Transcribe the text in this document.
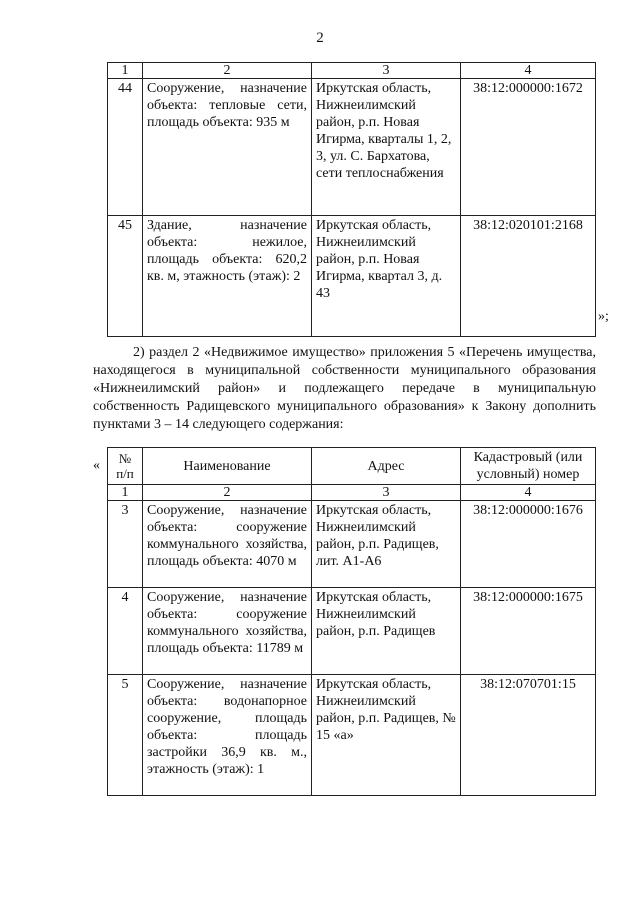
2
1	2	3	4
44	Сооружение, назначение объекта: тепловые сети, площадь объекта: 935 м	Иркутская область, Нижнеилимский район, р.п. Новая Игирма, кварталы 1, 2, 3, ул. С. Бархатова, сети теплоснабжения	38:12:000000:1672
45	Здание, назначение объекта: нежилое, площадь объекта: 620,2 кв. м, этажность (этаж): 2	Иркутская область, Нижнеилимский район, р.п. Новая Игирма, квартал 3, д. 43	38:12:020101:2168
»;
2) раздел 2 «Недвижимое имущество» приложения 5 «Перечень имущества, находящегося в муниципальной собственности муниципального образования «Нижнеилимский район» и подлежащего передаче в муниципальную собственность Радищевского муниципального образования» к Закону дополнить пунктами 3 – 14 следующего содержания:
« № п/п	Наименование	Адрес	Кадастровый (или условный) номер
1	2	3	4
3	Сооружение, назначение объекта: сооружение коммунального хозяйства, площадь объекта: 4070 м	Иркутская область, Нижнеилимский район, р.п. Радищев, лит. А1-А6	38:12:000000:1676
4	Сооружение, назначение объекта: сооружение коммунального хозяйства, площадь объекта: 11789 м	Иркутская область, Нижнеилимский район, р.п. Радищев	38:12:000000:1675
5	Сооружение, назначение объекта: водонапорное сооружение, площадь объекта: площадь застройки 36,9 кв. м., этажность (этаж): 1	Иркутская область, Нижнеилимский район, р.п. Радищев, № 15 «а»	38:12:070701:15
